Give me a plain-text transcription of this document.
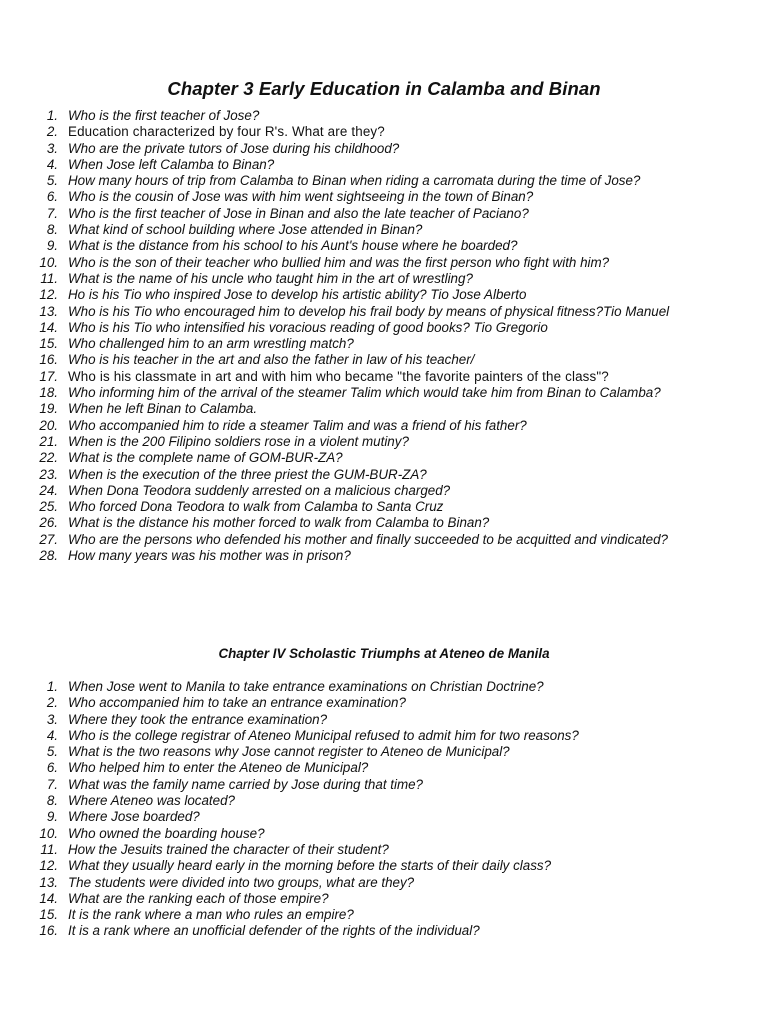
Chapter 3 Early Education in Calamba and Binan
1. Who is the first teacher of Jose?
2. Education characterized by four R's. What are they?
3. Who are the private tutors of Jose during his childhood?
4. When Jose left Calamba to Binan?
5. How many hours of trip from Calamba to Binan when riding a carromata during the time of Jose?
6. Who is the cousin of Jose was with him went sightseeing in the town of Binan?
7. Who is the first teacher of Jose in Binan and also the late teacher of Paciano?
8. What kind of school building where Jose attended in Binan?
9. What is the distance from his school to his Aunt's house where he boarded?
10. Who is the son of their teacher who bullied him and was the first person who fight with him?
11. What is the name of his uncle who taught him in the art of wrestling?
12. Ho is his Tio who inspired Jose to develop his artistic ability? Tio Jose Alberto
13. Who is his Tio who encouraged him to develop his frail body by means of physical fitness?Tio Manuel
14. Who is his Tio who intensified his voracious reading of good books? Tio Gregorio
15. Who challenged him to an arm wrestling match?
16. Who is his teacher in the art and also the father in law of his teacher/
17. Who is his classmate in art and with him who became "the favorite painters of the class"?
18. Who informing him of the arrival of the steamer Talim which would take him from Binan to Calamba?
19. When he left Binan to Calamba.
20. Who accompanied him to ride a steamer Talim and was a friend of his father?
21. When is the 200 Filipino soldiers rose in a violent mutiny?
22. What is the complete name of GOM-BUR-ZA?
23. When is the execution of the three priest the GUM-BUR-ZA?
24. When Dona Teodora suddenly arrested on a malicious charged?
25. Who forced Dona Teodora to walk from Calamba to Santa Cruz
26. What is the distance his mother forced to walk from Calamba to Binan?
27. Who are the persons who defended his mother and finally succeeded to be acquitted and vindicated?
28. How many years was his mother was in prison?
Chapter IV Scholastic Triumphs at Ateneo de Manila
1. When Jose went to Manila to take entrance examinations on Christian Doctrine?
2. Who accompanied him to take an entrance examination?
3. Where they took the entrance examination?
4. Who is the college registrar of Ateneo Municipal refused to admit him for two reasons?
5. What is the two reasons why Jose cannot register to Ateneo de Municipal?
6. Who helped him to enter the Ateneo de Municipal?
7. What was the family name carried by Jose during that time?
8. Where Ateneo was located?
9. Where Jose boarded?
10. Who owned the boarding house?
11. How the Jesuits trained the character of their student?
12. What they usually heard early in the morning before the starts of their daily class?
13. The students were divided into two groups, what are they?
14. What are the ranking each of those empire?
15. It is the rank where a man who rules an empire?
16. It is a rank where an unofficial defender of the rights of the individual?
